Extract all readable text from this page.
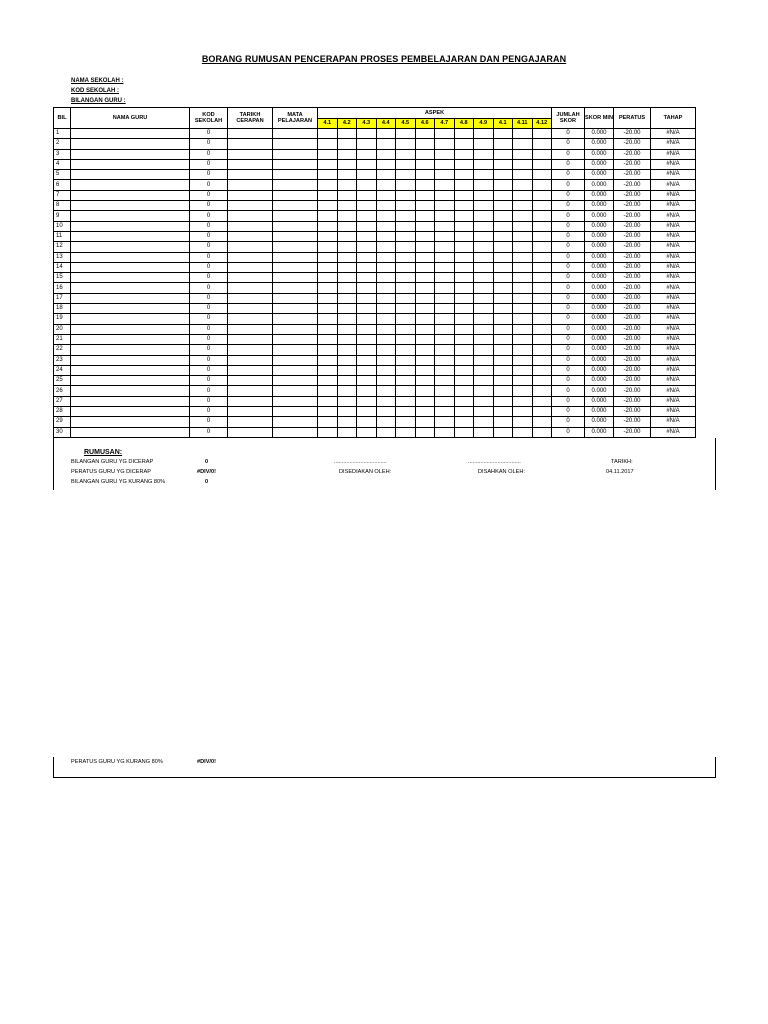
BORANG RUMUSAN PENCERAPAN PROSES PEMBELAJARAN DAN PENGAJARAN
NAMA SEKOLAH :
KOD SEKOLAH :
BILANGAN GURU :
BIL	NAMA GURU	KOD SEKOLAH	TARIKH CERAPAN	MATA PELAJARAN	ASPEK												JUMLAH SKOR	SKOR MIN	PERATUS	TAHAP
					4.1	4.2	4.3	4.4	4.5	4.6	4.7	4.8	4.9	4.1	4.11	4.12				
1		0															0	0.000	-20.00	#N/A
2		0															0	0.000	-20.00	#N/A
3		0															0	0.000	-20.00	#N/A
4		0															0	0.000	-20.00	#N/A
5		0															0	0.000	-20.00	#N/A
6		0															0	0.000	-20.00	#N/A
7		0															0	0.000	-20.00	#N/A
8		0															0	0.000	-20.00	#N/A
9		0															0	0.000	-20.00	#N/A
10		0															0	0.000	-20.00	#N/A
11		0															0	0.000	-20.00	#N/A
12		0															0	0.000	-20.00	#N/A
13		0															0	0.000	-20.00	#N/A
14		0															0	0.000	-20.00	#N/A
15		0															0	0.000	-20.00	#N/A
16		0															0	0.000	-20.00	#N/A
17		0															0	0.000	-20.00	#N/A
18		0															0	0.000	-20.00	#N/A
19		0															0	0.000	-20.00	#N/A
20		0															0	0.000	-20.00	#N/A
21		0															0	0.000	-20.00	#N/A
22		0															0	0.000	-20.00	#N/A
23		0															0	0.000	-20.00	#N/A
24		0															0	0.000	-20.00	#N/A
25		0															0	0.000	-20.00	#N/A
26		0															0	0.000	-20.00	#N/A
27		0															0	0.000	-20.00	#N/A
28		0															0	0.000	-20.00	#N/A
29		0															0	0.000	-20.00	#N/A
30		0															0	0.000	-20.00	#N/A
RUMUSAN:
BILANGAN GURU YG DICERAP	0
PERATUS GURU YG DICERAP	#DIV/0!
BILANGAN GURU YG KURANG 80%	0
..................................	..................................
DISEDIAKAN OLEH:	DISAHKAN OLEH:
TARIKH:
04.11.2017
PERATUS GURU YG KURANG 80%	#DIV/0!
